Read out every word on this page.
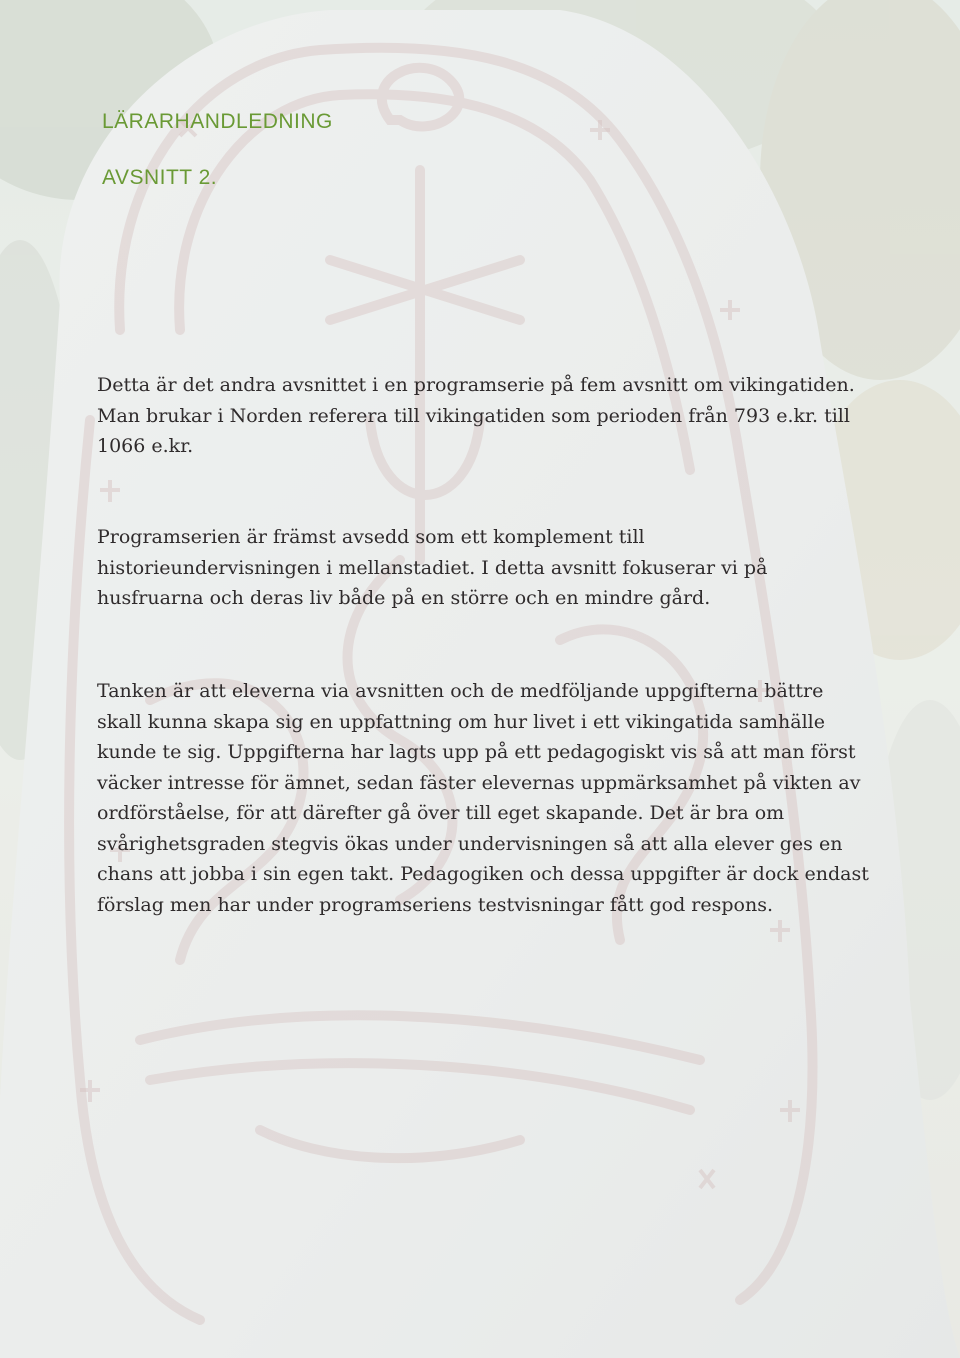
LÄRARHANDLEDNING
AVSNITT 2.

Detta är det andra avsnittet i en programserie på fem avsnitt om vikingatiden. Man brukar i Norden referera till vikingatiden som perioden från 793 e.kr. till 1066 e.kr.

Programserien är främst avsedd som ett komplement till historieundervisningen i mellanstadiet. I detta avsnitt fokuserar vi på husfruarna och deras liv både på en större och en mindre gård.

Tanken är att eleverna via avsnitten och de medföljande uppgifterna bättre skall kunna skapa sig en uppfattning om hur livet i ett vikingatida samhälle kunde te sig. Uppgifterna har lagts upp på ett pedagogiskt vis så att man först väcker intresse för ämnet, sedan fäster elevernas uppmärksamhet på vikten av ordförståelse, för att därefter gå över till eget skapande. Det är bra om svårighetsgraden stegvis ökas under undervisningen så att alla elever ges en chans att jobba i sin egen takt. Pedagogiken och dessa uppgifter är dock endast förslag men har under programseriens testvisningar fått god respons.
